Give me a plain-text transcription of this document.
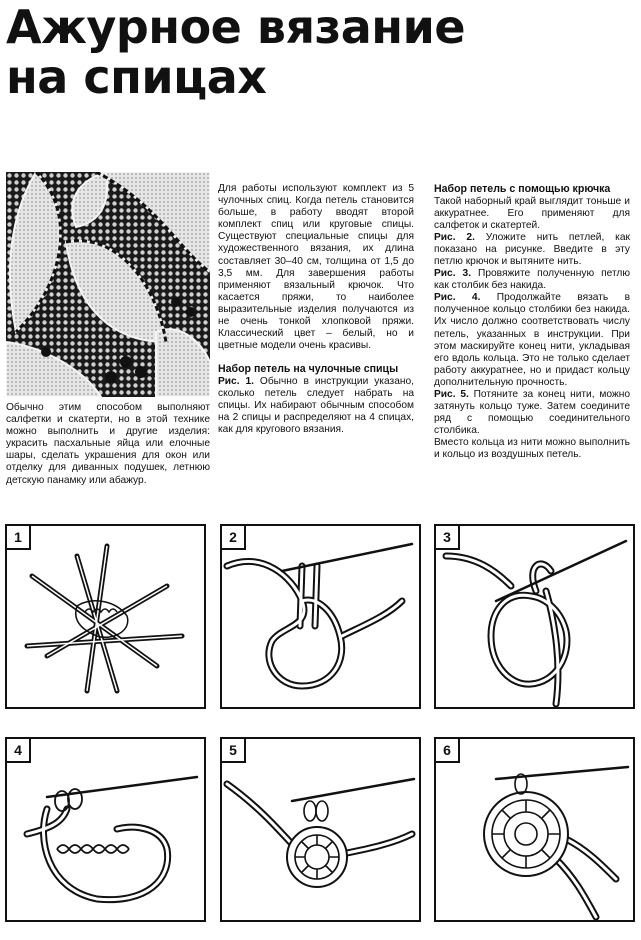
Ажурное вязание
на спицах

Обычно этим способом выполняют салфетки и скатерти, но в этой технике можно выполнить и другие изделия: украсить пасхальные яйца или елочные шары, сделать украшения для окон или отделку для диванных подушек, летнюю детскую панамку или абажур.

Для работы используют комплект из 5 чулочных спиц. Когда петель становится больше, в работу вводят второй комплект спиц или круговые спицы. Существуют специальные спицы для художественного вязания, их длина составляет 30–40 см, толщина от 1,5 до 3,5 мм. Для завершения работы применяют вязальный крючок. Что касается пряжи, то наиболее выразительные изделия получаются из не очень тонкой хлопковой пряжи. Классический цвет – белый, но и цветные модели очень красивы.

Набор петель на чулочные спицы

Рис. 1. Обычно в инструкции указано, сколько петель следует набрать на спицы. Их набирают обычным способом на 2 спицы и распределяют на 4 спицах, как для кругового вязания.

Набор петель с помощью крючка

Такой наборный край выглядит тоньше и аккуратнее. Его применяют для салфеток и скатертей.

Рис. 2. Уложите нить петлей, как показано на рисунке. Введите в эту петлю крючок и вытяните нить.

Рис. 3. Провяжите полученную петлю как столбик без накида.

Рис. 4. Продолжайте вязать в полученное кольцо столбики без накида. Их число должно соответствовать числу петель, указанных в инструкции. При этом маскируйте конец нити, укладывая его вдоль кольца. Это не только сделает работу аккуратнее, но и придаст кольцу дополнительную прочность.

Рис. 5. Потяните за конец нити, можно затянуть кольцо туже. Затем соедините ряд с помощью соединительного столбика.

Вместо кольца из нити можно выполнить и кольцо из воздушных петель.

1	2	3
4	5	6
